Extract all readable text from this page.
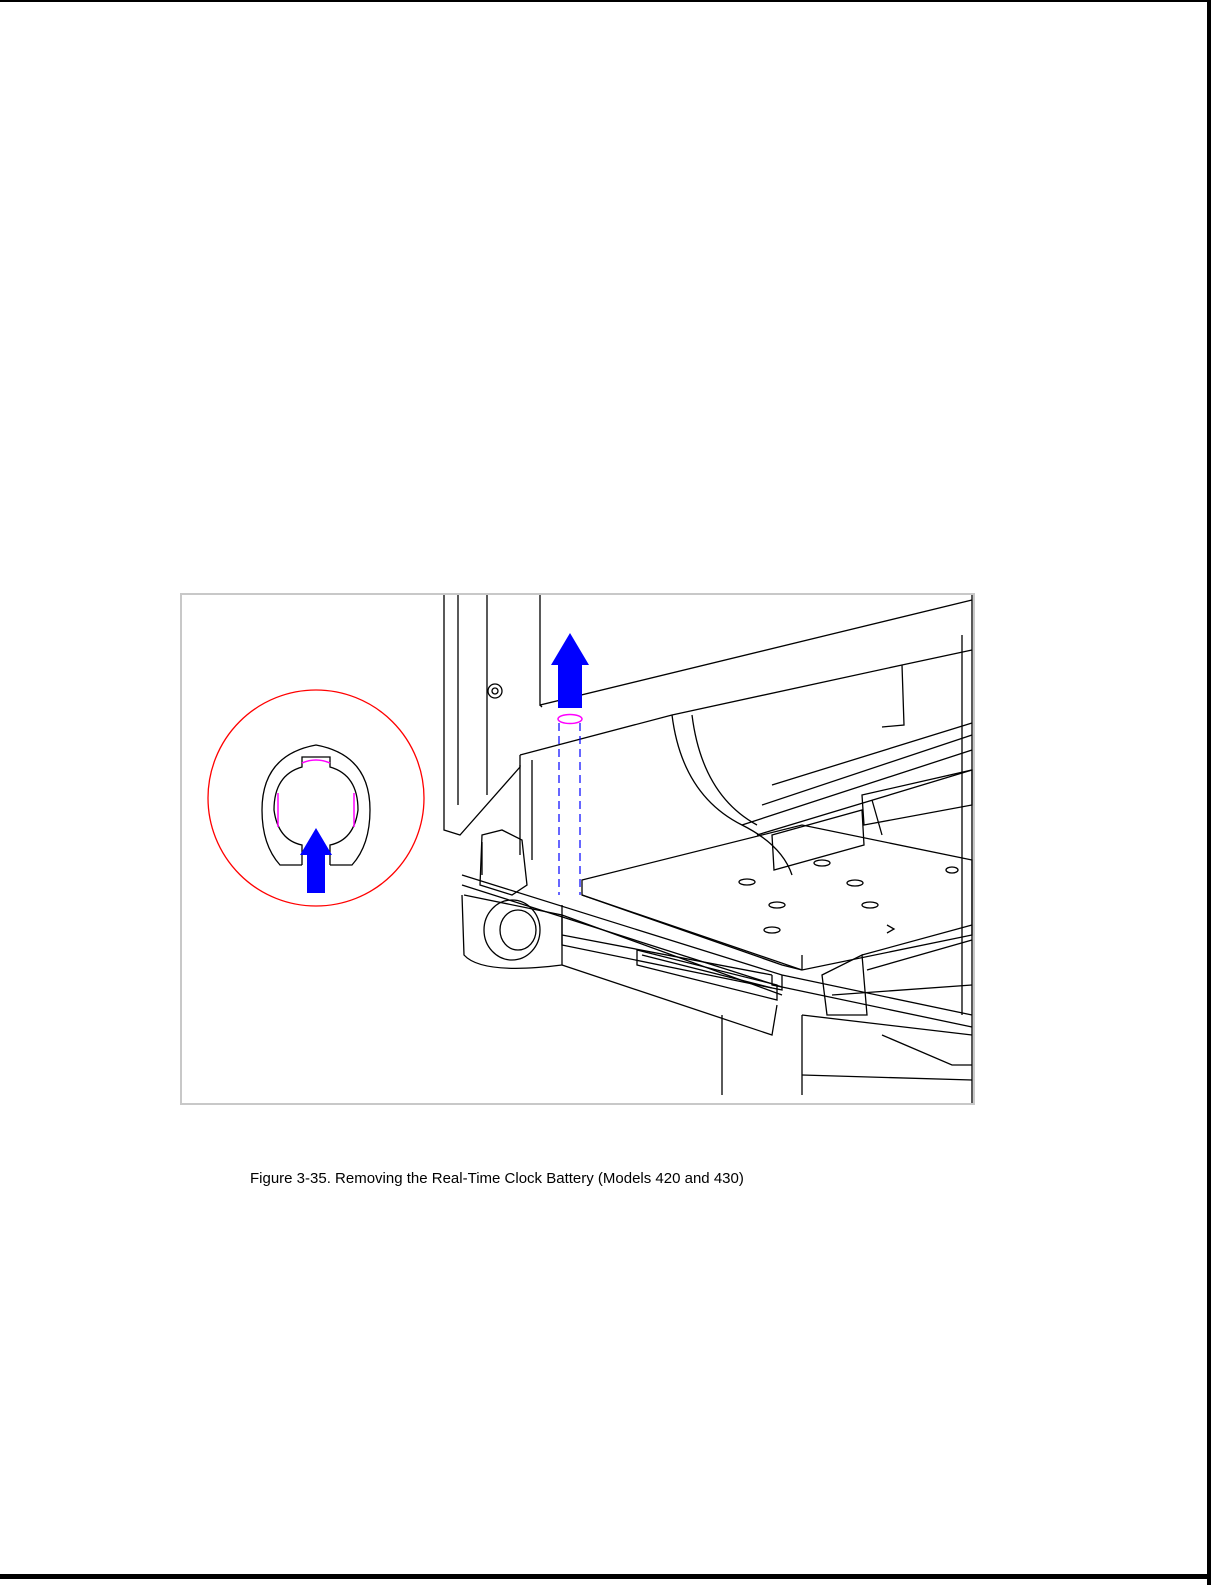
Figure 3-35. Removing the Real-Time Clock Battery (Models 420 and 430)
